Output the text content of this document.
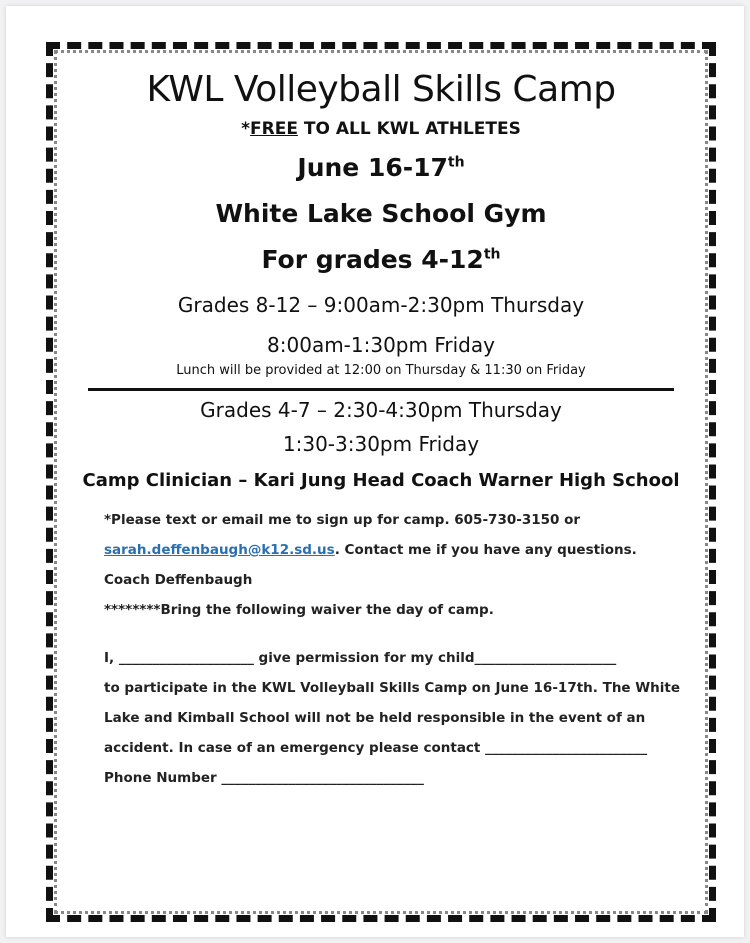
KWL Volleyball Skills Camp
*FREE TO ALL KWL ATHLETES
June 16-17th
White Lake School Gym
For grades 4-12th
Grades 8-12 – 9:00am-2:30pm Thursday
8:00am-1:30pm Friday
Lunch will be provided at 12:00 on Thursday & 11:30 on Friday
Grades 4-7 – 2:30-4:30pm Thursday
1:30-3:30pm Friday
Camp Clinician – Kari Jung Head Coach Warner High School

*Please text or email me to sign up for camp. 605-730-3150 or

sarah.deffenbaugh@k12.sd.us. Contact me if you have any questions.

Coach Deffenbaugh

********Bring the following waiver the day of camp.

I, ____________________ give permission for my child_____________________

to participate in the KWL Volleyball Skills Camp on June 16-17th. The White

Lake and Kimball School will not be held responsible in the event of an

accident. In case of an emergency please contact ________________________

Phone Number ______________________________
